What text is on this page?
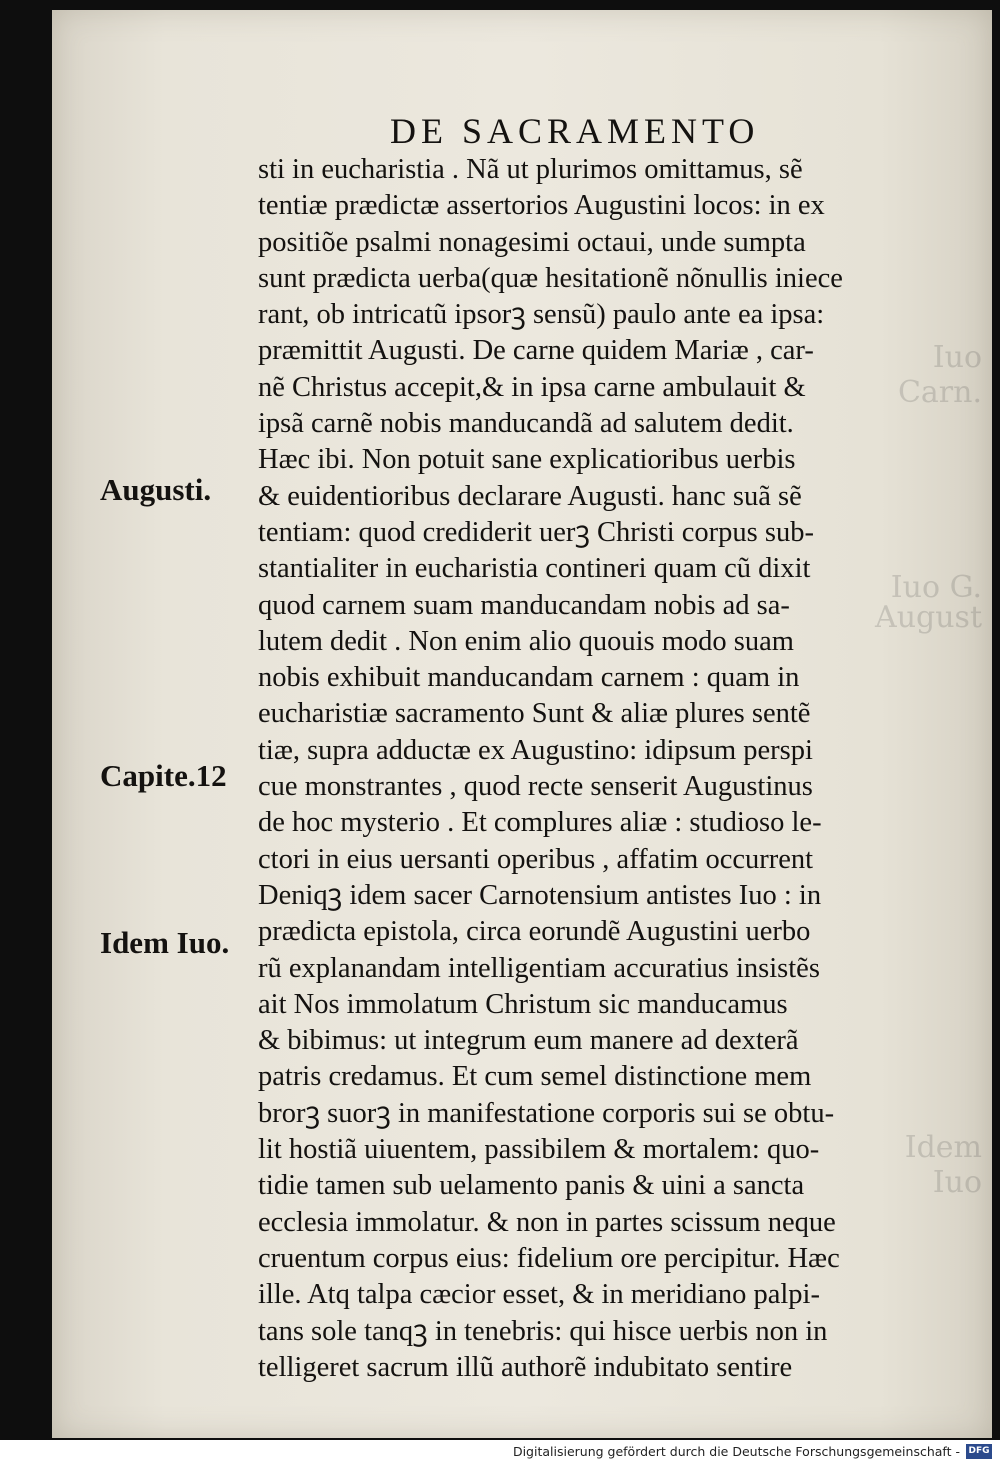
Iuo Carn.
Iuo G.
August
Idem Iuo
DE SACRAMENTO
Augusti.
Capite.12
Idem Iuo.
sti in eucharistia . Nã ut plurimos omittamus, sẽ
tentiæ prædictæ assertorios Augustini locos: in ex
positiõe psalmi nonagesimi octaui, unde sumpta
sunt prædicta uerba(quæ hesitationẽ nõnullis iniece
rant, ob intricatũ ipsorꝫ sensũ) paulo ante ea ipsa:
præmittit Augusti. De carne quidem Mariæ , car-
nẽ Christus accepit,& in ipsa carne ambulauit &
ipsã carnẽ nobis manducandã ad salutem dedit.
Hæc ibi. Non potuit sane explicatioribus uerbis
& euidentioribus declarare Augusti. hanc suã sẽ
tentiam: quod crediderit uerꝫ Christi corpus sub-
stantialiter in eucharistia contineri quam cũ dixit
quod carnem suam manducandam nobis ad sa-
lutem dedit . Non enim alio quouis modo suam
nobis exhibuit manducandam carnem : quam in
eucharistiæ sacramento Sunt & aliæ plures sentẽ
tiæ, supra adductæ ex Augustino: idipsum perspi
cue monstrantes , quod recte senserit Augustinus
de hoc mysterio . Et complures aliæ : studioso le-
ctori in eius uersanti operibus , affatim occurrent
Deniqꝫ idem sacer Carnotensium antistes Iuo : in
prædicta epistola, circa eorundẽ Augustini uerbo
rũ explanandam intelligentiam accuratius insistẽs
ait Nos immolatum Christum sic manducamus
& bibimus: ut integrum eum manere ad dexterã
patris credamus. Et cum semel distinctione mem
brorꝫ suorꝫ in manifestatione corporis sui se obtu-
lit hostiã uiuentem, passibilem & mortalem: quo-
tidie tamen sub uelamento panis & uini a sancta
ecclesia immolatur. & non in partes scissum neque
cruentum corpus eius: fidelium ore percipitur. Hæc
ille. Atq talpa cæcior esset, & in meridiano palpi-
tans sole tanqꝫ in tenebris: qui hisce uerbis non in
telligeret sacrum illũ authorẽ indubitato sentire
Digitalisierung gefördert durch die Deutsche Forschungsgemeinschaft - DFG
